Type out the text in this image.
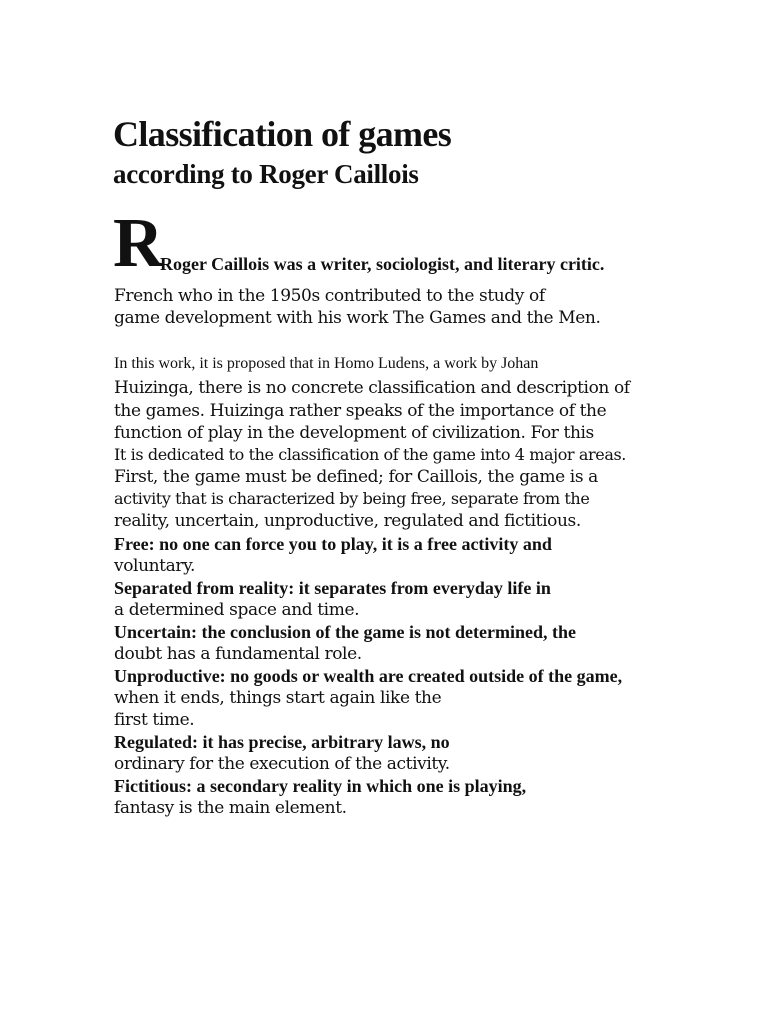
Classification of games
according to Roger Caillois
R
Roger Caillois was a writer, sociologist, and literary critic.
French who in the 1950s contributed to the study of
game development with his work The Games and the Men.
In this work, it is proposed that in Homo Ludens, a work by Johan
Huizinga, there is no concrete classification and description of
the games. Huizinga rather speaks of the importance of the
function of play in the development of civilization. For this
It is dedicated to the classification of the game into 4 major areas.
First, the game must be defined; for Caillois, the game is a
activity that is characterized by being free, separate from the
reality, uncertain, unproductive, regulated and fictitious.
Free: no one can force you to play, it is a free activity and
voluntary.
Separated from reality: it separates from everyday life in
a determined space and time.
Uncertain: the conclusion of the game is not determined, the
doubt has a fundamental role.
Unproductive: no goods or wealth are created outside of the game,
when it ends, things start again like the
first time.
Regulated: it has precise, arbitrary laws, no
ordinary for the execution of the activity.
Fictitious: a secondary reality in which one is playing,
fantasy is the main element.
